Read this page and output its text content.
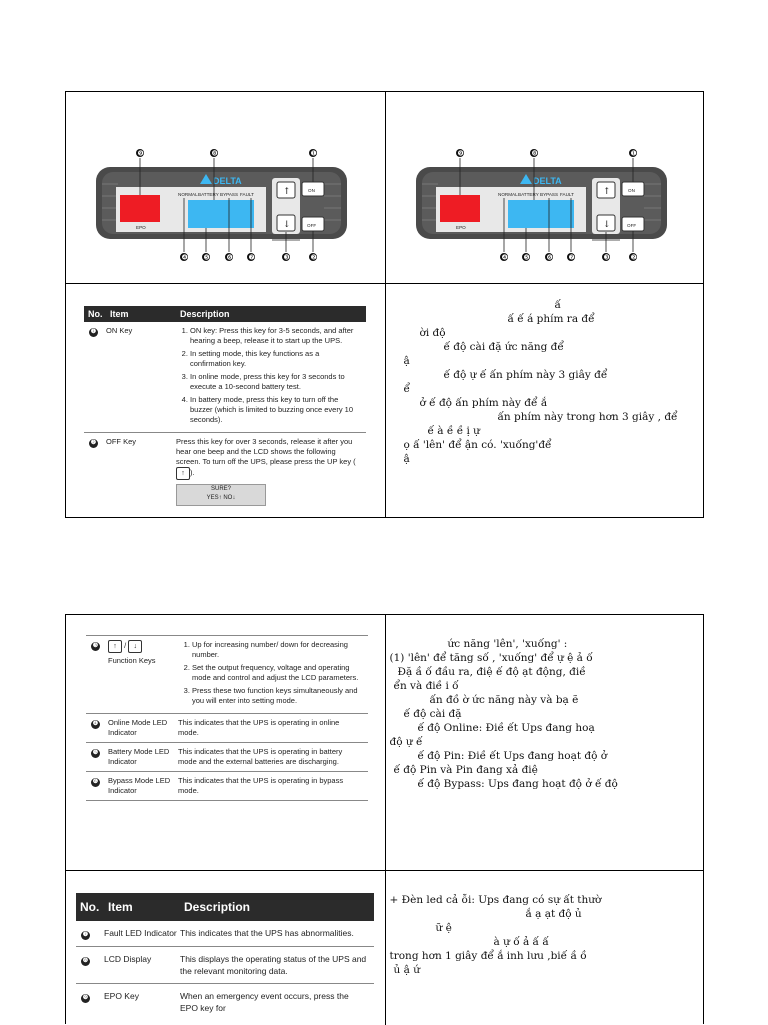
EPO
NORMAL BATTERY BYPASS FAULT
DELTA
↑
↓
ON
OFF
❾	❽	❶
❹ ❺ ❻ ❼	❸	❷
EPO
NORMAL BATTERY BYPASS FAULT
DELTA
↑
↓
ON
OFF
❾	❽	❶
❹ ❺ ❻ ❼	❸	❷
No. Item	Description
❶	ON Key
1.	ON key: Press this key for 3-5 seconds, and after hearing a beep, release it to start up the UPS.
2. In setting mode, this key functions as a confirmation key.
3. In online mode, press this key for 3 seconds to execute a 10-second battery test.
4. In battery mode, press this key to turn off the buzzer (which is limited to buzzing once every 10 seconds).
❷	OFF Key	Press this key for over 3 seconds, release it after you hear one beep and the LCD shows the following screen. To turn off the UPS, please press the UP key (↑ ).
SURE?
YES↑ NO↓
ấ
ấ ế á phím ra để
ời độ
ế độ cài đặ ức năng để
ậ
ế độ ự ế ấn phím này 3 giây để
ể
ở ế độ ấn phím này để ắ
ấn phím này trong hơn 3 giây , để
ế à ề ề ị ự
ọ ấ 'lên' để ận có. 'xuống'để
ậ
❸	↑ / ↓
Function Keys
1. Up for increasing number/ down for decreasing number.
2. Set the output frequency, voltage and operating mode and control and adjust the LCD parameters.
3. Press these two function keys simultaneously and you will enter into setting mode.
❹	Online Mode LED Indicator
This indicates that the UPS is operating in online mode.
❺	Battery Mode LED Indicator
This indicates that the UPS is operating in battery mode and the external batteries are discharging.
❻	Bypass Mode LED Indicator
This indicates that the UPS is operating in bypass mode.
ức năng 'lên', 'xuống' :
(1) 'lên' để tăng số , 'xuống' để ự ệ ả ố
Đặ ầ ố đầu ra, điệ ế độ ạt động, điề
ển và điề i ố
ấn đồ ờ ức năng này và bạ ẽ
ế độ cài đặ
ế độ Online: Điề ết Ups đang hoạ
độ ự ế
ế độ Pin: Điề ết Ups đang hoạt độ ở
ế độ Pin và Pin đang xả điệ
ế độ Bypass: Ups đang hoạt độ ở ế độ
No. Item	Description
❼	Fault LED Indicator This indicates that the UPS has abnormalities.
❽	LCD Display	This displays the operating status of the UPS and the relevant monitoring data.
❾	EPO Key	When an emergency event occurs, press the EPO key for
+ Đèn led cả ỗi: Ups đang có sự ất thườ
ắ ạ ạt độ ủ
ữ ệ
à ự ố ả ấ ấ
trong hơn 1 giây để ắ inh lưu ,biế ầ ồ
ủ ậ ứ
